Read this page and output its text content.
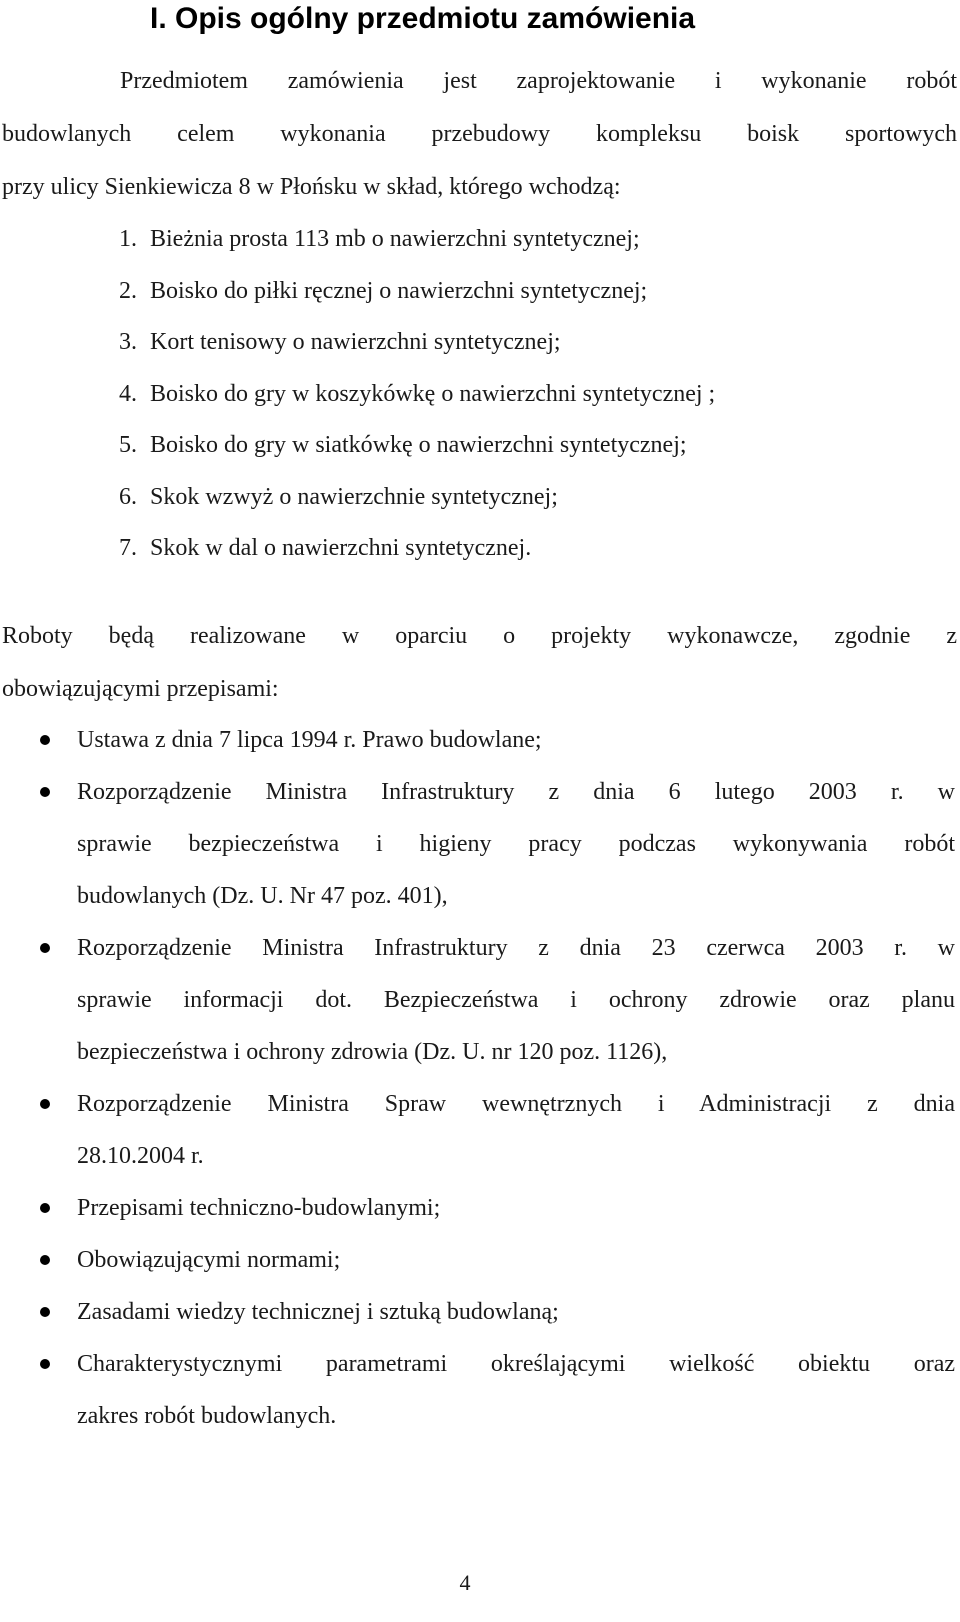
I. Opis ogólny przedmiotu zamówienia
Przedmiotem zamówienia jest zaprojektowanie i wykonanie robót
budowlanych celem wykonania przebudowy kompleksu boisk sportowych
przy ulicy Sienkiewicza 8 w Płońsku w skład, którego wchodzą:
1. Bieżnia prosta 113 mb o nawierzchni syntetycznej;
2. Boisko do piłki ręcznej o nawierzchni syntetycznej;
3. Kort tenisowy o nawierzchni syntetycznej;
4. Boisko do gry w koszykówkę o nawierzchni syntetycznej ;
5. Boisko do gry w siatkówkę o nawierzchni syntetycznej;
6. Skok wzwyż o nawierzchnie syntetycznej;
7. Skok w dal o nawierzchni syntetycznej.
Roboty będą realizowane w oparciu o projekty wykonawcze, zgodnie z
obowiązującymi przepisami:
Ustawa z dnia 7 lipca 1994 r. Prawo budowlane;
Rozporządzenie Ministra Infrastruktury z dnia 6 lutego 2003 r. w
sprawie bezpieczeństwa i higieny pracy podczas wykonywania robót
budowlanych (Dz. U. Nr 47 poz. 401),
Rozporządzenie Ministra Infrastruktury z dnia 23 czerwca 2003 r. w
sprawie informacji dot. Bezpieczeństwa i ochrony zdrowie oraz planu
bezpieczeństwa i ochrony zdrowia (Dz. U. nr 120 poz. 1126),
Rozporządzenie Ministra Spraw wewnętrznych i Administracji z dnia
28.10.2004 r.
Przepisami techniczno-budowlanymi;
Obowiązującymi normami;
Zasadami wiedzy technicznej i sztuką budowlaną;
Charakterystycznymi parametrami określającymi wielkość obiektu oraz
zakres robót budowlanych.
4
